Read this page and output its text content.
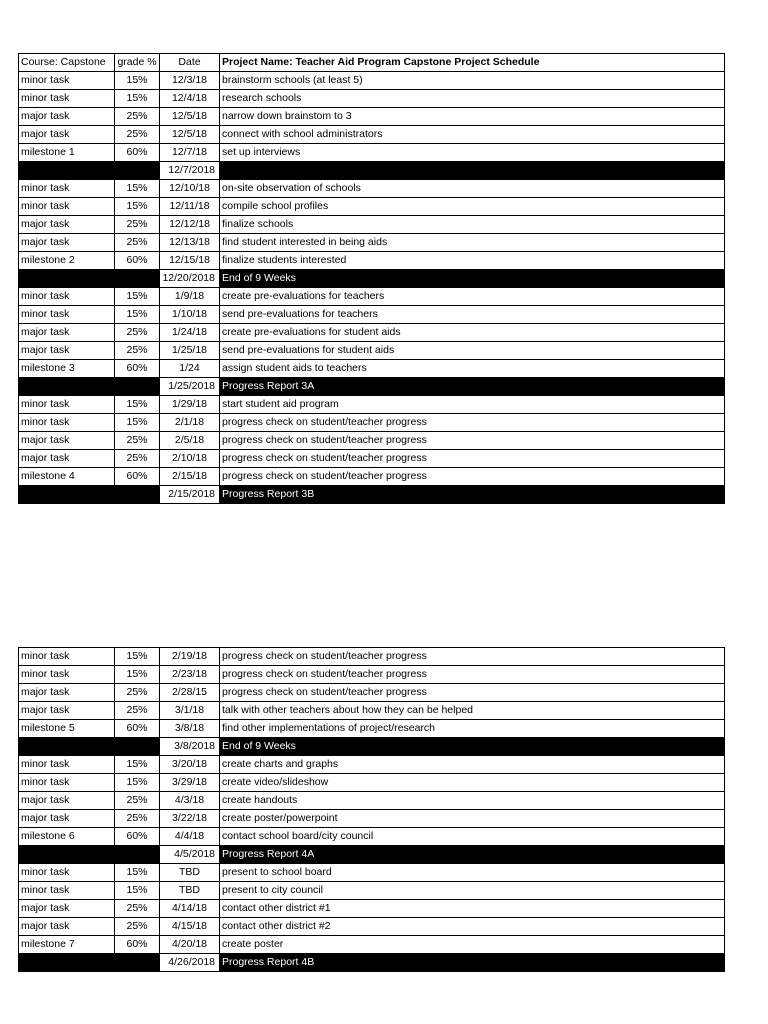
Course: Capstone	grade %	Date	Project Name: Teacher Aid Program Capstone Project Schedule
minor task	15%	12/3/18	brainstorm schools (at least 5)
minor task	15%	12/4/18	research schools
major task	25%	12/5/18	narrow down brainstom to 3
major task	25%	12/5/18	connect with school administrators
milestone 1	60%	12/7/18	set up interviews
		12/7/2018	
minor task	15%	12/10/18	on-site observation of schools
minor task	15%	12/11/18	compile school profiles
major task	25%	12/12/18	finalize schools
major task	25%	12/13/18	find student interested in being aids
milestone 2	60%	12/15/18	finalize students interested
		12/20/2018	End of 9 Weeks
minor task	15%	1/9/18	create pre-evaluations for teachers
minor task	15%	1/10/18	send pre-evaluations for teachers
major task	25%	1/24/18	create pre-evaluations for student aids
major task	25%	1/25/18	send pre-evaluations for student aids
milestone 3	60%	1/24	assign student aids to teachers
		1/25/2018	Progress Report 3A
minor task	15%	1/29/18	start student aid program
minor task	15%	2/1/18	progress check on student/teacher progress
major task	25%	2/5/18	progress check on student/teacher progress
major task	25%	2/10/18	progress check on student/teacher progress
milestone 4	60%	2/15/18	progress check on student/teacher progress
		2/15/2018	Progress Report 3B
minor task	15%	2/19/18	progress check on student/teacher progress
minor task	15%	2/23/18	progress check on student/teacher progress
major task	25%	2/28/15	progress check on student/teacher progress
major task	25%	3/1/18	talk with other teachers about how they can be helped
milestone 5	60%	3/8/18	find other implementations of project/research
		3/8/2018	End of 9 Weeks
minor task	15%	3/20/18	create charts and graphs
minor task	15%	3/29/18	create video/slideshow
major task	25%	4/3/18	create handouts
major task	25%	3/22/18	create poster/powerpoint
milestone 6	60%	4/4/18	contact school board/city council
		4/5/2018	Progress Report 4A
minor task	15%	TBD	present to school board
minor task	15%	TBD	present to city council
major task	25%	4/14/18	contact other district #1
major task	25%	4/15/18	contact other district #2
milestone 7	60%	4/20/18	create poster
		4/26/2018	Progress Report 4B
